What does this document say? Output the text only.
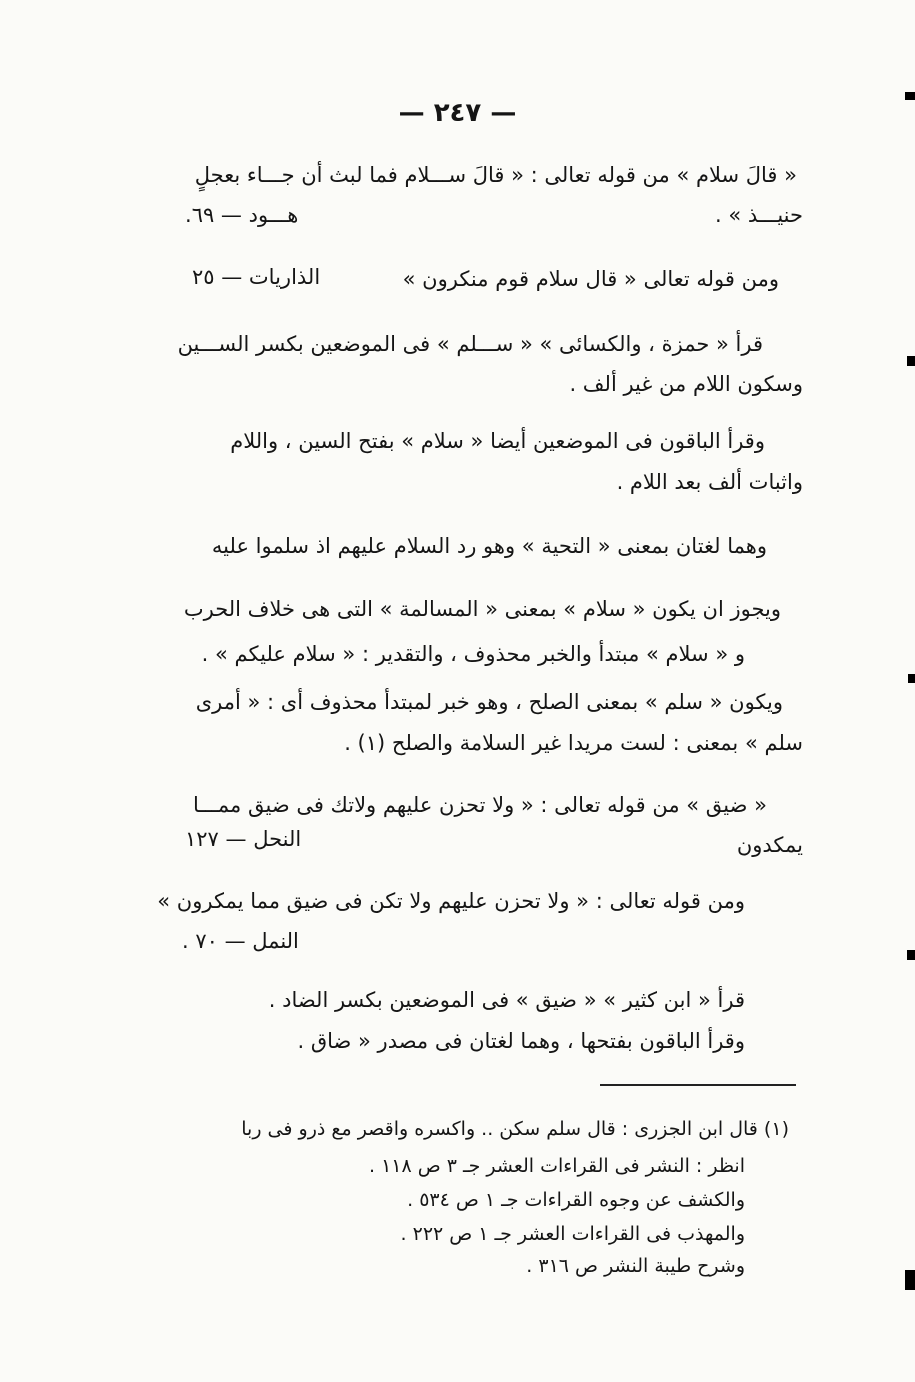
— ٢٤٧ —
« قالَ سلام » من قوله تعالى : « قالَ ســـلام فما لبث أن جـــاء بعجلٍ
حنيـــذ » .
هـــود — ٦٩.
ومن قوله تعالى « قال سلام قوم منكرون »
الذاريات — ٢٥
قرأ « حمزة ، والكسائى » « ســـلم » فى الموضعين بكسر الســـين
وسكون اللام من غير ألف .
وقرأ الباقون فى الموضعين أيضا « سلام » بفتح السين ، واللام
واثبات ألف بعد اللام .
وهما لغتان بمعنى « التحية » وهو رد السلام عليهم اذ سلموا عليه
ويجوز ان يكون « سلام » بمعنى « المسالمة » التى هى خلاف الحرب
و « سلام » مبتدأ والخبر محذوف ، والتقدير : « سلام عليكم » .
ويكون « سلم » بمعنى الصلح ، وهو خبر لمبتدأ محذوف أى : « أمرى
سلم » بمعنى : لست مريدا غير السلامة والصلح (١) .
« ضيق » من قوله تعالى : « ولا تحزن عليهم ولاتك فى ضيق ممـــا
يمكدون
النحل — ١٢٧
ومن قوله تعالى : « ولا تحزن عليهم ولا تكن فى ضيق مما يمكرون »
النمل — ٧٠ .
قرأ « ابن كثير » « ضيق » فى الموضعين بكسر الضاد .
وقرأ الباقون بفتحها ، وهما لغتان فى مصدر « ضاق .
(١) قال ابن الجزرى : قال سلم سكن .. واكسره واقصر مع ذرو فى ربا
انظر : النشر فى القراءات العشر جـ ٣ ص ١١٨ .
والكشف عن وجوه القراءات جـ ١ ص ٥٣٤ .
والمهذب فى القراءات العشر جـ ١ ص ٢٢٢ .
وشرح طيبة النشر ص ٣١٦ .
